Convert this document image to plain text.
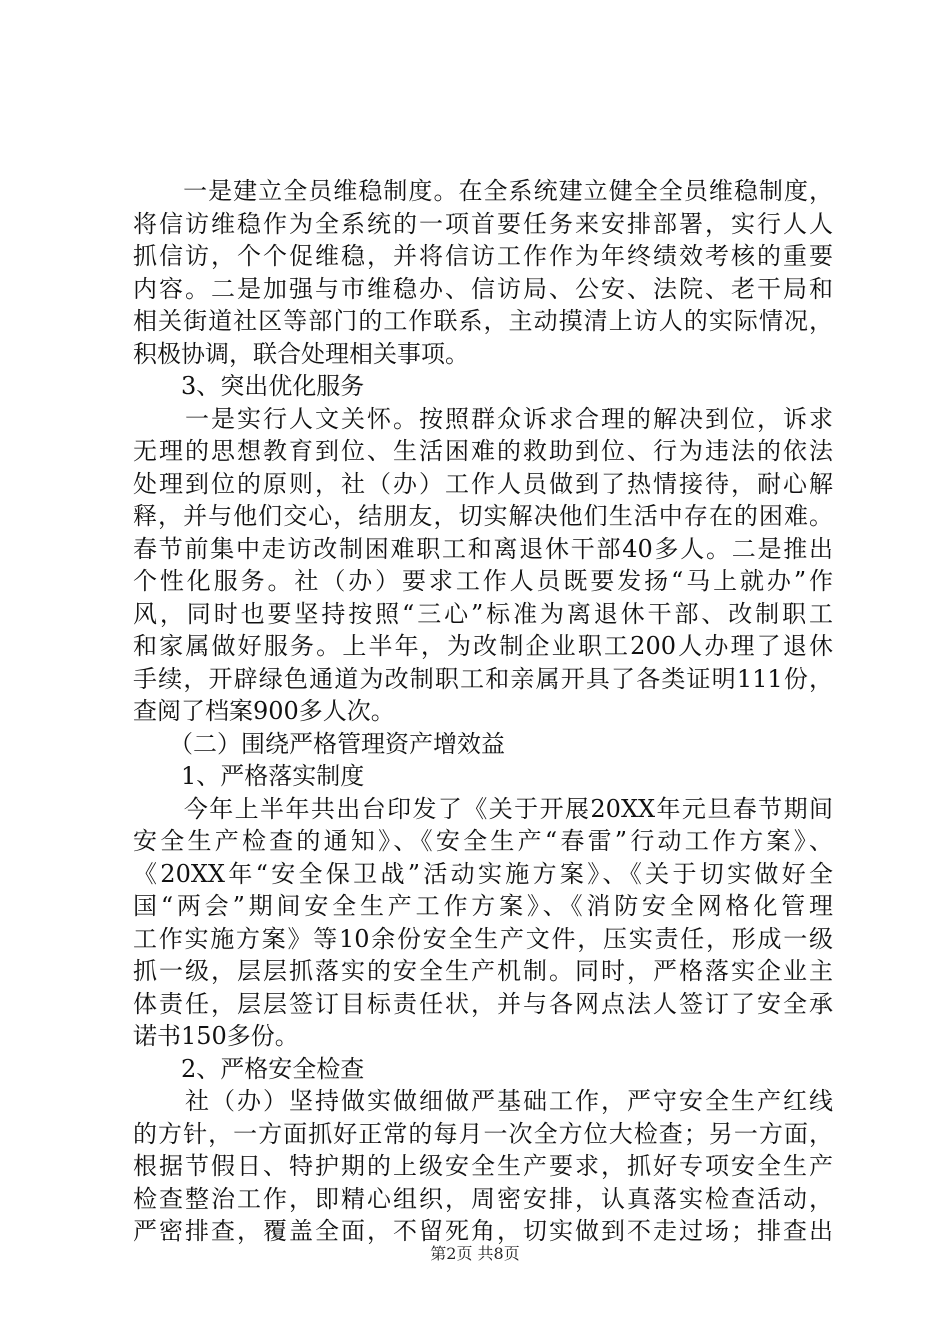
　　一是建立全员维稳制度。在全系统建立健全全员维稳制度，
将信访维稳作为全系统的一项首要任务来安排部署，实行人人
抓信访，个个促维稳，并将信访工作作为年终绩效考核的重要
内容。二是加强与市维稳办、信访局、公安、法院、老干局和
相关街道社区等部门的工作联系，主动摸清上访人的实际情况，
积极协调，联合处理相关事项。
　　3、突出优化服务
　　一是实行人文关怀。按照群众诉求合理的解决到位，诉求
无理的思想教育到位、生活困难的救助到位、行为违法的依法
处理到位的原则，社（办）工作人员做到了热情接待，耐心解
释，并与他们交心，结朋友，切实解决他们生活中存在的困难。
春节前集中走访改制困难职工和离退休干部40多人。二是推出
个性化服务。社（办）要求工作人员既要发扬“马上就办”作
风，同时也要坚持按照“三心”标准为离退休干部、改制职工
和家属做好服务。上半年，为改制企业职工200人办理了退休
手续，开辟绿色通道为改制职工和亲属开具了各类证明111份，
查阅了档案900多人次。
　　（二）围绕严格管理资产增效益
　　1、严格落实制度
　　今年上半年共出台印发了《关于开展20XX年元旦春节期间
安全生产检查的通知》、《安全生产“春雷”行动工作方案》、
《20XX年“安全保卫战”活动实施方案》、《关于切实做好全
国“两会”期间安全生产工作方案》、《消防安全网格化管理
工作实施方案》等10余份安全生产文件，压实责任，形成一级
抓一级，层层抓落实的安全生产机制。同时，严格落实企业主
体责任，层层签订目标责任状，并与各网点法人签订了安全承
诺书150多份。
　　2、严格安全检查
　　社（办）坚持做实做细做严基础工作，严守安全生产红线
的方针，一方面抓好正常的每月一次全方位大检查；另一方面，
根据节假日、特护期的上级安全生产要求，抓好专项安全生产
检查整治工作，即精心组织，周密安排，认真落实检查活动，
严密排查，覆盖全面，不留死角，切实做到不走过场；排查出
第2页 共8页
